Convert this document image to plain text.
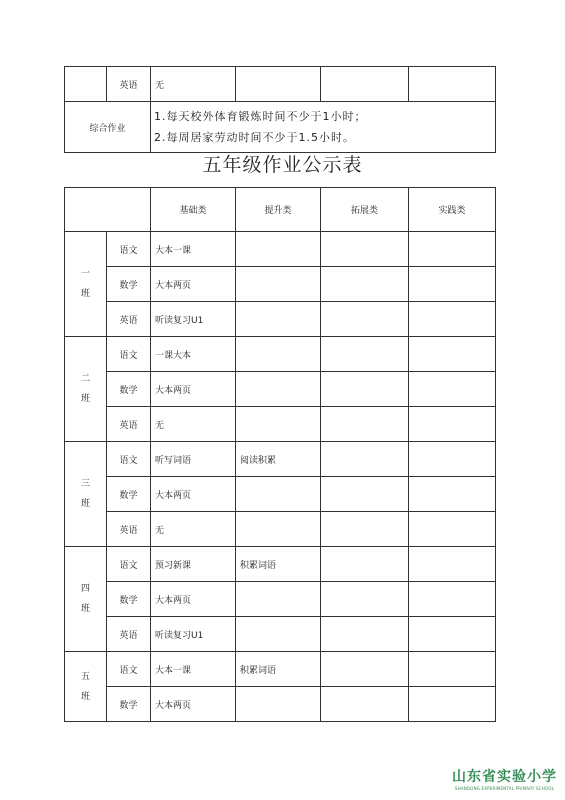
	英语	无			
综合作业		1.每天校外体育锻炼时间不少于1小时；
2.每周居家劳动时间不少于1.5小时。			
五年级作业公示表
		基础类	提升类	拓展类	实践类

一
班	语文	大本一课			
	数学	大本两页			
	英语	听读复习U1			

二
班	语文	一课大本			
	数学	大本两页			
	英语	无			

三
班	语文	听写词语	阅读积累		
	数学	大本两页			
	英语	无			

四
班	语文	预习新课	积累词语		
	数学	大本两页			
	英语	听读复习U1			

五
班	语文	大本一课	积累词语		
	数学	大本两页			
山东省实验小学
SHANDONG EXPERIMENTAL PRIMARY SCHOOL
